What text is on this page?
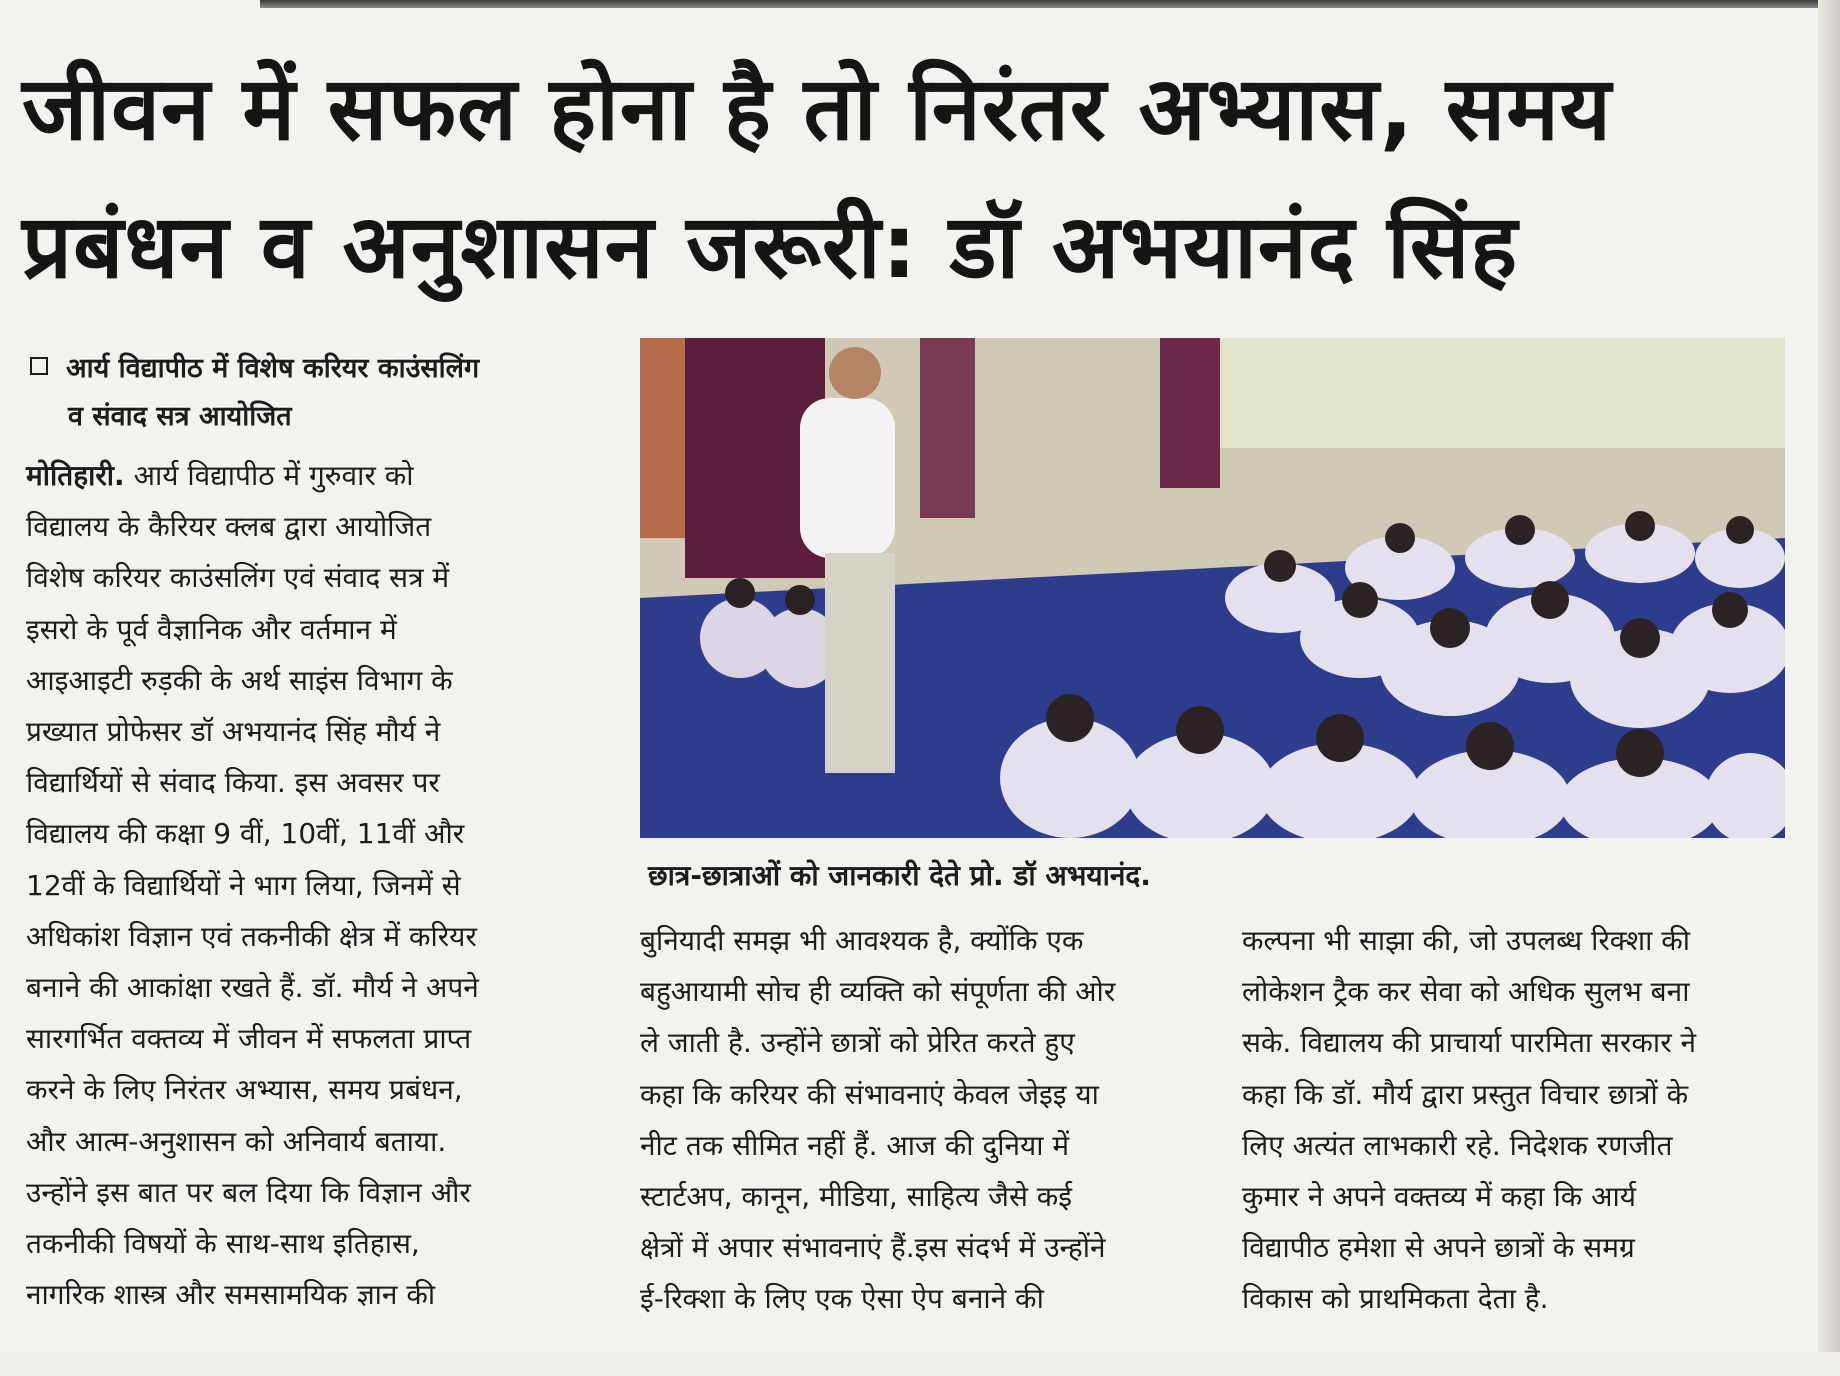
जीवन में सफल होना है तो निरंतर अभ्यास, समय
प्रबंधन व अनुशासन जरूरी: डॉ अभयानंद सिंह
आर्य विद्यापीठ में विशेष करियर काउंसलिंग
व संवाद सत्र आयोजित
मोतिहारी. आर्य विद्यापीठ में गुरुवार को
विद्यालय के कैरियर क्लब द्वारा आयोजित
विशेष करियर काउंसलिंग एवं संवाद सत्र में
इसरो के पूर्व वैज्ञानिक और वर्तमान में
आइआइटी रुड़की के अर्थ साइंस विभाग के
प्रख्यात प्रोफेसर डॉ अभयानंद सिंह मौर्य ने
विद्यार्थियों से संवाद किया. इस अवसर पर
विद्यालय की कक्षा 9 वीं, 10वीं, 11वीं और
12वीं के विद्यार्थियों ने भाग लिया, जिनमें से
अधिकांश विज्ञान एवं तकनीकी क्षेत्र में करियर
बनाने की आकांक्षा रखते हैं. डॉ. मौर्य ने अपने
सारगर्भित वक्तव्य में जीवन में सफलता प्राप्त
करने के लिए निरंतर अभ्यास, समय प्रबंधन,
और आत्म-अनुशासन को अनिवार्य बताया.
उन्होंने इस बात पर बल दिया कि विज्ञान और
तकनीकी विषयों के साथ-साथ इतिहास,
नागरिक शास्त्र और समसामयिक ज्ञान की
छात्र-छात्राओं को जानकारी देते प्रो. डॉ अभयानंद.
बुनियादी समझ भी आवश्यक है, क्योंकि एक
बहुआयामी सोच ही व्यक्ति को संपूर्णता की ओर
ले जाती है. उन्होंने छात्रों को प्रेरित करते हुए
कहा कि करियर की संभावनाएं केवल जेइइ या
नीट तक सीमित नहीं हैं. आज की दुनिया में
स्टार्टअप, कानून, मीडिया, साहित्य जैसे कई
क्षेत्रों में अपार संभावनाएं हैं.इस संदर्भ में उन्होंने
ई-रिक्शा के लिए एक ऐसा ऐप बनाने की
कल्पना भी साझा की, जो उपलब्ध रिक्शा की
लोकेशन ट्रैक कर सेवा को अधिक सुलभ बना
सके. विद्यालय की प्राचार्या पारमिता सरकार ने
कहा कि डॉ. मौर्य द्वारा प्रस्तुत विचार छात्रों के
लिए अत्यंत लाभकारी रहे. निदेशक रणजीत
कुमार ने अपने वक्तव्य में कहा कि आर्य
विद्यापीठ हमेशा से अपने छात्रों के समग्र
विकास को प्राथमिकता देता है.
